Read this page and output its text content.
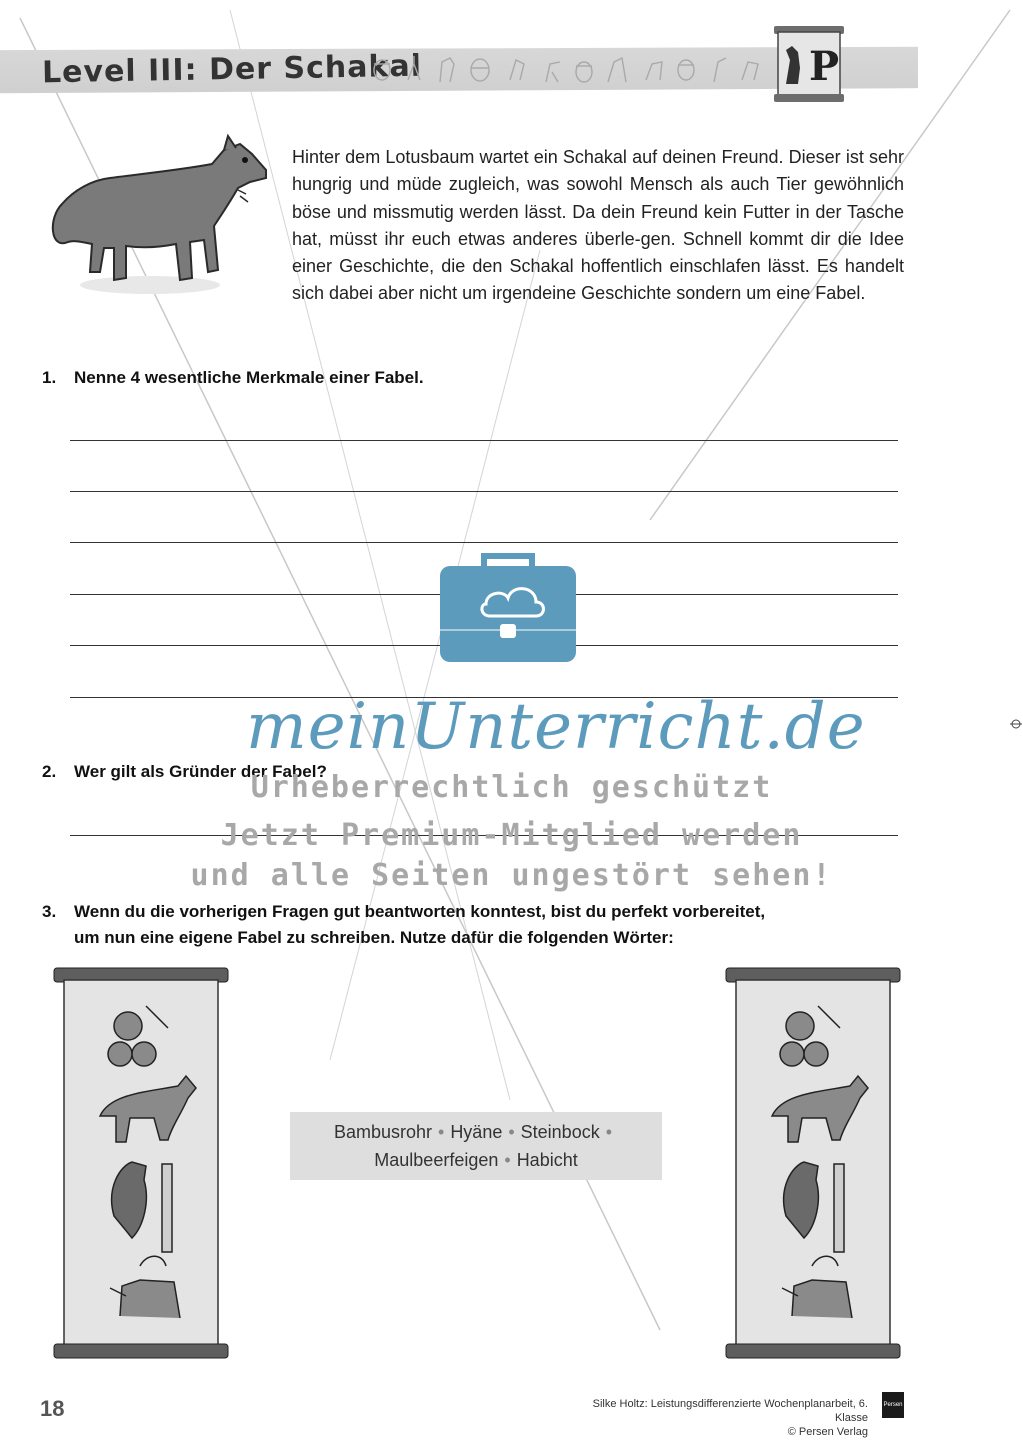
Level III: Der Schakal	P
Hinter dem Lotusbaum wartet ein Schakal auf deinen Freund. Dieser ist sehr hungrig und müde zugleich, was sowohl Mensch als auch Tier gewöhnlich böse und missmutig werden lässt. Da dein Freund kein Futter in der Tasche hat, müsst ihr euch etwas anderes überle-gen. Schnell kommt dir die Idee einer Geschichte, die den Schakal hoffentlich einschlafen lässt. Es handelt sich dabei aber nicht um irgendeine Geschichte sondern um eine Fabel.
1.	Nenne 4 wesentliche Merkmale einer Fabel.
2.	Wer gilt als Gründer der Fabel?
3.	Wenn du die vorherigen Fragen gut beantworten konntest, bist du perfekt vorbereitet,
um nun eine eigene Fabel zu schreiben. Nutze dafür die folgenden Wörter:
Bambusrohr • Hyäne • Steinbock •
Maulbeerfeigen • Habicht
meinUnterricht.de
Urheberrechtlich geschützt
Jetzt Premium-Mitglied werden
und alle Seiten ungestört sehen!
18	Silke Holtz: Leistungsdifferenzierte Wochenplanarbeit, 6. Klasse
© Persen Verlag
Persen
